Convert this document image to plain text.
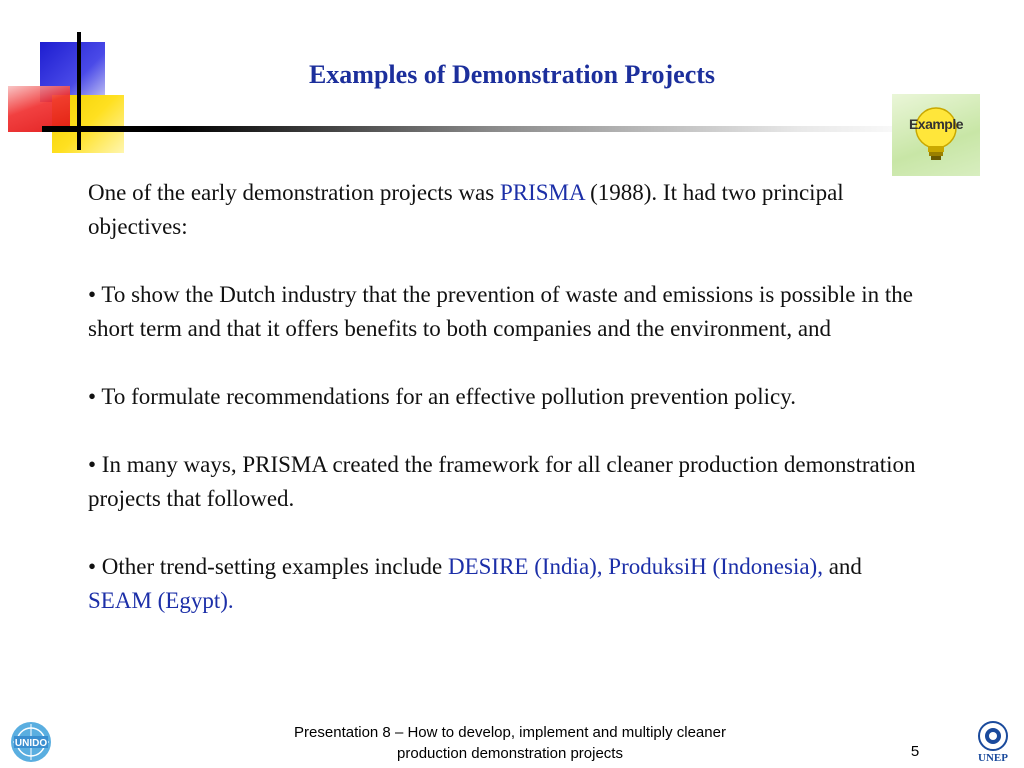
Examples of Demonstration Projects
Example

One of the early demonstration projects was PRISMA (1988). It had two principal objectives:

• To show the Dutch industry that the prevention of waste and emissions is possible in the short term and that it offers benefits to both companies and the environment, and

• To formulate recommendations for an effective pollution prevention policy.

• In many ways, PRISMA created the framework for all cleaner production demonstration projects that followed.

• Other trend-setting examples include DESIRE (India), ProduksiH (Indonesia), and SEAM (Egypt).

UNIDO
Presentation 8 – How to develop, implement and multiply cleaner
production demonstration projects	5	UNEP
